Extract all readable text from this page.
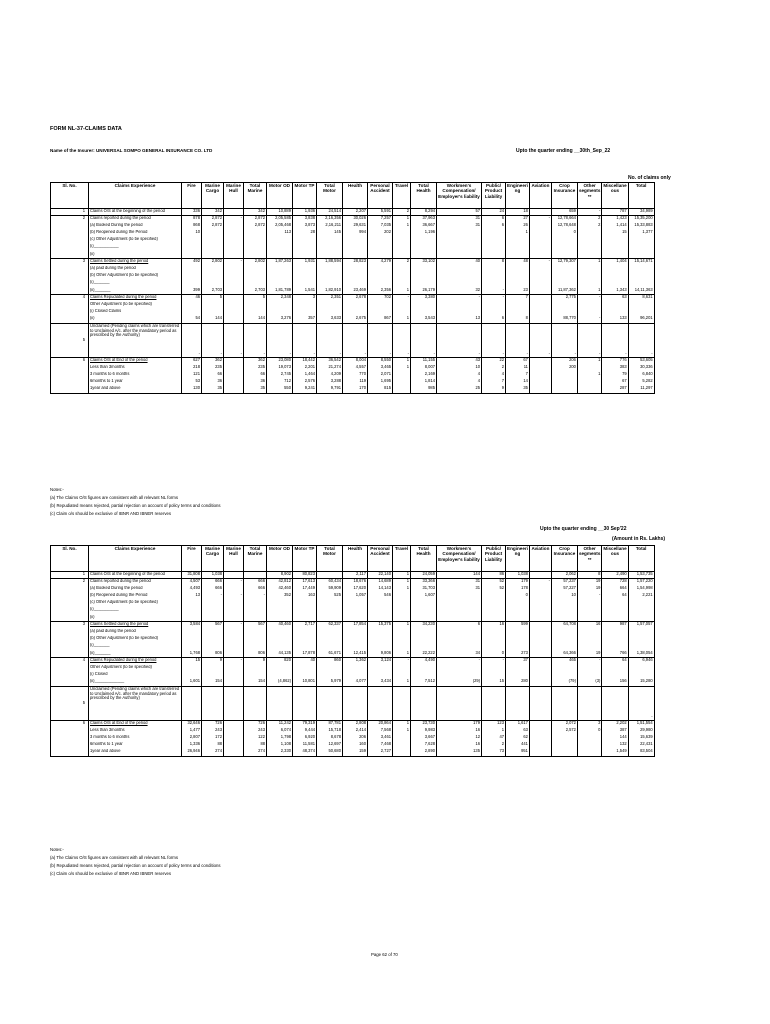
FORM NL-37-CLAIMS DATA
Name of the Insurer: UNIVERSAL SOMPO GENERAL INSURANCE CO. LTD	Upto the quarter ending __30th_Sep_22
No. of claims only
Sl. No.	Claims Experience	Fire	Marine Cargo	Marine Hull	Total Marine	Motor OD	Motor TP	Total Motor	Health	Personal Accident	Travel	Total Health	Workmen's Compensation/ Employer's liability	Public/ Product Liability	Engineeri ng	Aviation	Crop Insurance	Other segments **	Miscellane ous	Total
1	Claims O/S at the beginning of the period	336	342		342	10,889	1,936	24,514	2,207	5,591	2	8,294	57	24	18		659	-	787	34,989
2	Claims reported during the period	878	2,872	-	2,872	2,05,585	3,838	2,16,356	30,026	7,257	1	37,963	31	6	27	-	12,78,664	2	1,423	15,35,200
	(a) Booked During the period	868	2,872		2,872	2,05,468	3,873	2,16,211	29,631	7,035	1	36,667	31	6	26		12,78,648	2	1,414	15,33,883
	(b) Reopened during the Period	10				113	28	145	994	202		1,196			1		0		15	1,377
	(c) Other Adjustment (to be specified)																			
	(i)___________																			
	(ii)																			
3	Claims Settled during the period	492	2,802	-	2,802	1,87,263	1,931	1,88,594	28,823	4,279	2	33,102	40	8	48	-	12,79,307	1	1,404	15,14,671
	(a) paid during the period																			
	(b) Other Adjustment (to be specified)																			
	(i)_______																			
	(ii)_______	399	2,703		2,703	1,81,789	1,541	1,82,910	23,469	2,356	1	26,179	32	-	23		11,87,362	1	1,343	14,11,363
4	Claims Repudiated during the period	46	5		5	2,348	3	2,351	2,678	702	-	3,380	-	-	7		2,775	-	63	8,631
	Other Adjustment (to be specified)																			
	(i) Closed Claims																			
	(ii)	54	144		144	3,276	357	3,633	2,675	867	1	3,543	13	6	8		88,770	-	133	96,201
5	Unclaimed (Pending claims which are transferred to Unclaimed A/c. after the mandatory period as prescribed by the Authority)	-	-	-	-	-	-	-	-	-	-	-	-	-	-	-	-	-	-	-
6	Claims O/S at End of the period	627	362		362	23,080	18,442	36,542	8,004	8,550	1	11,155	43	22	67		206	1	776	53,605
	Less than 3months	218	235		235	19,073	2,201	21,274	4,557	3,465	1	8,007	10	2	11		200		383	30,336
	3 months to 6 months	121	66		66	2,745	1,464	4,209	770	2,071		2,169	4	4	7			1	79	6,840
	6months to 1 year	53	36		36	712	2,576	3,288	119	1,695		1,814	4	7	14				67	5,282
	1year and above	130	35		35	550	9,241	9,791	170	815		985	25	9	35				287	11,297
Notes:-
(a) The Claims O/S figures are consistent with all relevant NL forms
(b) Repudiated means rejected, partial rejection on account of policy terms and conditions
(c) Claim o/s should be exclusive of IBNR AND IBNER reserves
Upto the quarter ending __30 Sep'22
(Amount in Rs. Lakhs)
Sl. No.	Claims Experience	Fire	Marine Cargo	Marine Hull	Total Marine	Motor OD	Motor TP	Total Motor	Health	Personal Accident	Travel	Total Health	Workmen's Compensation/ Employer's liability	Public/ Product Liability	Engineeri ng	Aviation	Crop Insurance	Other segments **	Miscellane ous	Total
1	Claims O/S at the beginning of the period	31,808	1,038			8,902	80,823		2,117	22,140	1	24,059	144	86	1,038		2,062	8	2,490	1,53,735
2	Claims reported during the period	4,507	666	-	666	42,812	17,613	60,434	18,676	14,689	1	33,366	31	52	179	-	57,237	19	728	1,57,220
	(a) Booked During the period	4,493	666		666	42,460	17,449	59,909	17,620	14,143	1	31,703	31	52	178		57,227	19	664	1,54,998
	(b) Reopened during the Period	13	-	-	-	352	163	525	1,057	546		1,607			0		10	-	64	2,221
	(c) Other Adjustment (to be specified)																			
	(i)___________																			
	(ii)																			
3	Claims Settled during the period	3,584	567	-	567	40,460	2,717	62,337	17,854	15,375	1	34,230	6	16	599		64,708	16	987	1,57,057
	(a) paid during the period																			
	(b) Other Adjustment (to be specified)																			
	(i)_______																			
	(ii)_______	1,768	806		806	44,135	17,878	61,671	12,415	9,806	1	22,222	34	0	273		64,366	19	766	1,38,054
4	Claims Repudiated during the period	15	9	-	9	820	40	860	1,362	3,124	-	4,490	-	-	37		465	-	64	6,946
	Other Adjustment (to be specified)																			
	(i) Closed																			
	(ii)_____________	1,601	154		154	(4,862)	10,801	5,979	4,077	3,434	1	7,512	(29)	15	280		(79)	(3)	156	15,280
5	Unclaimed (Pending claims which are transferred to Unclaimed A/c. after the mandatory period as prescribed by the Authority)																			-
6	Claims O/S at End of the period	32,646	726		726	11,242	79,319	87,781	2,808	20,864	1	23,730	179	123	1,617		2,072	3	2,202	1,51,554
	Less than 3months	1,477	243		243	6,074	9,444	15,718	2,414	7,568	1	9,983	16	1	63		2,572	0	387	29,980
	3 months to 6 months	2,807	172		122	1,798	6,920	8,678	206	3,461		3,667	12	47	62				144	15,639
	6months to 1 year	1,336	88		88	1,108	11,581	12,697	160	7,468		7,628	16	2	441				132	22,431
	1year and above	26,946	274		274	2,330	48,374	50,680	159	2,727		2,890	135	73	951				1,549	83,504
Notes:-
(a) The Claims O/S figures are consistent with all relevant NL forms
(b) Repudiated means rejected, partial rejection on account of policy terms and conditions
(c) Claim o/s should be exclusive of IBNR AND IBNER reserves
Page 62 of 70
